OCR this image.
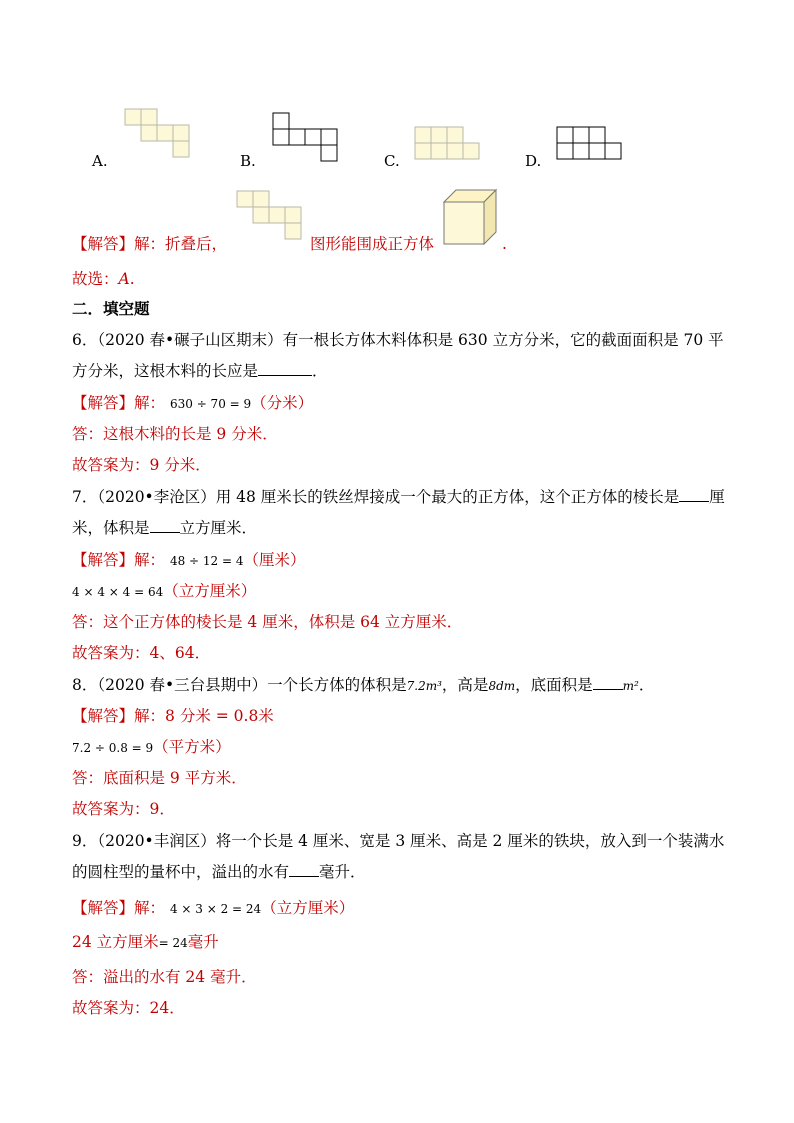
A.	B.	C.	D.
【解答】解：折叠后，	图形能围成正方体	.
故选：A.
二．填空题
6．（2020 春•碾子山区期末）有一根长方体木料体积是 630 立方分米，它的截面面积是 70 平
方分米，这根木料的长应是	．
【解答】解： 630 ÷ 70 = 9（分米）
答：这根木料的长是 9 分米．
故答案为：9 分米．
7．（2020•李沧区）用 48 厘米长的铁丝焊接成一个最大的正方体，这个正方体的棱长是 厘
米，体积是 立方厘米．
【解答】解： 48 ÷ 12 = 4（厘米）
4 × 4 × 4 = 64（立方厘米）
答：这个正方体的棱长是 4 厘米，体积是 64 立方厘米．
故答案为：4、64．
8．（2020 春•三台县期中）一个长方体的体积是7.2m³，高是8dm，底面积是	m²．
【解答】解：8 分米 = 0.8米
7.2 ÷ 0.8 = 9（平方米）
答：底面积是 9 平方米．
故答案为：9．
9．（2020•丰润区）将一个长是 4 厘米、宽是 3 厘米、高是 2 厘米的铁块，放入到一个装满水
的圆柱型的量杯中，溢出的水有 毫升．
【解答】解： 4 × 3 × 2 = 24（立方厘米）
24 立方厘米= 24毫升
答：溢出的水有 24 毫升．
故答案为：24．
